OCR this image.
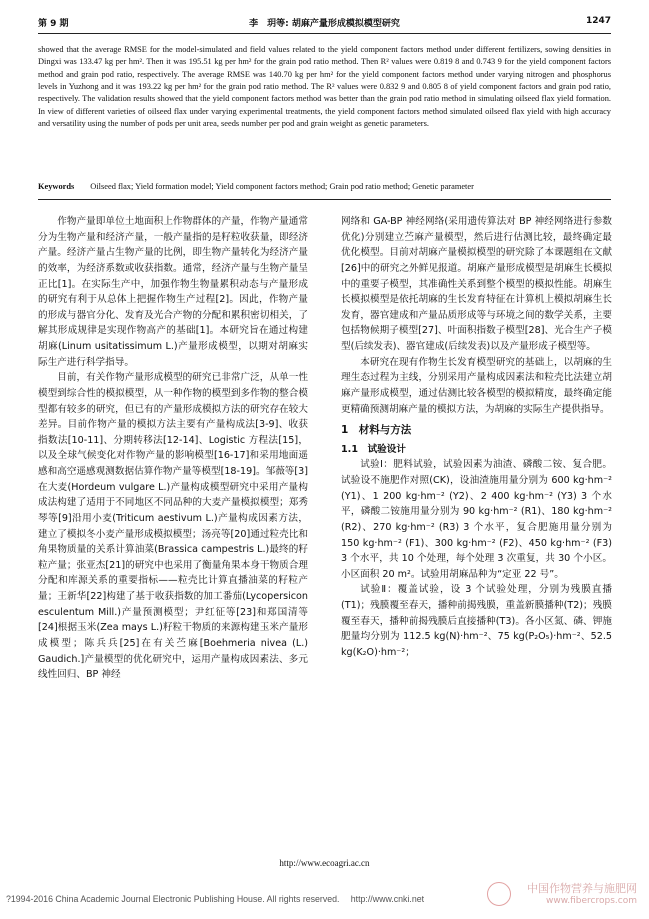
第 9 期	李　玥等: 胡麻产量形成模拟模型研究	1247

showed that the average RMSE for the model-simulated and field values related to the yield component factors method under different fertilizers, sowing densities in Dingxi was 133.47 kg per hm². Then it was 195.51 kg per hm² for the grain pod ratio method. Then R² values were 0.819 8 and 0.743 9 for the yield component factors method and grain pod ratio, respectively. The average RMSE was 140.70 kg per hm² for the yield component factors method under varying nitrogen and phosphorus levels in Yuzhong and it was 193.22 kg per hm² for the grain pod ratio method. The R² values were 0.832 9 and 0.805 8 of yield component factors and grain pod ratio, respectively. The validation results showed that the yield component factors method was better than the grain pod ratio method in simulating oilseed flax yield formation. In view of different varieties of oilseed flax under varying experimental treatments, the yield component factors method simulated oilseed flax yield with high accuracy and versatility using the number of pods per unit area, seeds number per pod and grain weight as genetic parameters.

Keywords Oilseed flax; Yield formation model; Yield component factors method; Grain pod ratio method; Genetic parameter

作物产量即单位土地面积上作物群体的产量，作物产量通常分为生物产量和经济产量，一般产量指的是籽粒收获量，即经济产量。经济产量占生物产量的比例，即生物产量转化为经济产量的效率，为经济系数或收获指数。通常，经济产量与生物产量呈正比[1]。在实际生产中，加强作物生物量累积动态与产量形成的研究有利于从总体上把握作物生产过程[2]。因此，作物产量的形成与器官分化、发育及光合产物的分配和累积密切相关，了解其形成规律是实现作物高产的基础[1]。本研究旨在通过构建胡麻(Linum usitatissimum L.)产量形成模型，以期对胡麻实际生产进行科学指导。

目前，有关作物产量形成模型的研究已非常广泛，从单一性模型到综合性的模拟模型，从一种作物的模型到多作物的整合模型都有较多的研究，但已有的产量形成模拟方法的研究存在较大差异。目前作物产量的模拟方法主要有产量构成法[3-9]、收获指数法[10-11]、分期转移法[12-14]、Logistic 方程法[15]，以及全球气候变化对作物产量的影响模型[16-17]和采用地面遥感和高空遥感观测数据估算作物产量等模型[18-19]。邹薇等[3]在大麦(Hordeum vulgare L.)产量构成模型研究中采用产量构成法构建了适用于不同地区不同品种的大麦产量模拟模型；郑秀琴等[9]沿用小麦(Triticum aestivum L.)产量构成因素方法，建立了模拟冬小麦产量形成模拟模型；汤亮等[20]通过粒壳比和角果物质量的关系计算油菜(Brassica campestris L.)最终的籽粒产量；张亚杰[21]的研究中也采用了衡量角果本身干物质合理分配和库源关系的重要指标——粒壳比计算直播油菜的籽粒产量；王新华[22]构建了基于收获指数的加工番茄(Lycopersicon esculentum Mill.)产量预测模型；尹红征等[23]和郑国清等[24]根据玉米(Zea mays L.)籽粒干物质的来源构建玉米产量形成模型；陈兵兵[25]在有关苎麻[Boehmeria nivea (L.) Gaudich.]产量模型的优化研究中，运用产量构成因素法、多元线性回归、BP 神经

网络和 GA-BP 神经网络(采用遗传算法对 BP 神经网络进行参数优化)分别建立苎麻产量模型，然后进行估测比较，最终确定最优化模型。目前对胡麻产量模拟模型的研究除了本课题组在文献[26]中的研究之外鲜见报道。胡麻产量形成模型是胡麻生长模拟中的重要子模型，其准确性关系到整个模型的模拟性能。胡麻生长模拟模型是依托胡麻的生长发育特征在计算机上模拟胡麻生长发育，器官建成和产量品质形成等与环境之间的数学关系，主要包括物候期子模型[27]、叶面积指数子模型[28]、光合生产子模型(后续发表)、器官建成(后续发表)以及产量形成子模型等。

本研究在现有作物生长发育模型研究的基础上，以胡麻的生理生态过程为主线，分别采用产量构成因素法和粒壳比法建立胡麻产量形成模型，通过估测比较各模型的模拟精度，最终确定能更精确预测胡麻产量的模拟方法，为胡麻的实际生产提供指导。

1　材料与方法

1.1　试验设计

试验Ⅰ：肥料试验，试验因素为油渣、磷酸二铵、复合肥。试验设不施肥作对照(CK)，设油渣施用量分别为 600 kg·hm⁻² (Y1)、1 200 kg·hm⁻² (Y2)、2 400 kg·hm⁻² (Y3) 3 个水平，磷酸二铵施用量分别为 90 kg·hm⁻² (R1)、180 kg·hm⁻² (R2)、270 kg·hm⁻² (R3) 3 个水平，复合肥施用量分别为 150 kg·hm⁻² (F1)、300 kg·hm⁻² (F2)、450 kg·hm⁻² (F3) 3 个水平，共 10 个处理，每个处理 3 次重复，共 30 个小区。小区面积 20 m²。试验用胡麻品种为“定亚 22 号”。

试验Ⅱ：覆盖试验，设 3 个试验处理，分别为残膜直播(T1)；残膜覆至春天，播种前揭残膜，重盖新膜播种(T2)；残膜覆至春天，播种前揭残膜后直接播种(T3)。各小区氮、磷、钾施肥量均分别为 112.5 kg(N)·hm⁻²、75 kg(P₂O₅)·hm⁻²、52.5 kg(K₂O)·hm⁻²；

http://www.ecoagri.ac.cn
?1994-2016 China Academic Journal Electronic Publishing House. All rights reserved.　 http://www.cnki.net
中国作物营养与施肥网
www.fibercrops.com
